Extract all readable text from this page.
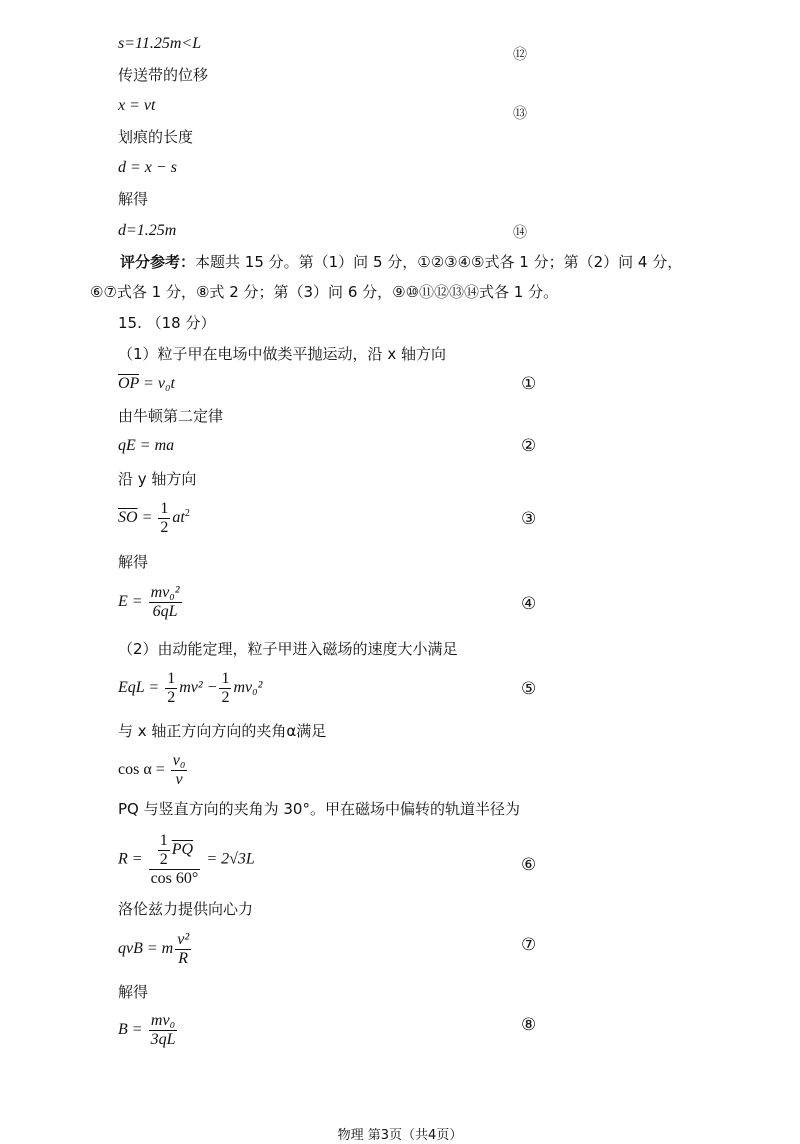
s=11.25m<L
⑫
传送带的位移
x = vt	⑬
划痕的长度
d = x − s
解得
d=1.25m	⑭
评分参考：本题共 15 分。第（1）问 5 分，①②③④⑤式各 1 分；第（2）问 4 分，
⑥⑦式各 1 分，⑧式 2 分；第（3）问 6 分，⑨⑩⑪⑫⑬⑭式各 1 分。
15. （18 分）
（1）粒子甲在电场中做类平抛运动，沿 x 轴方向
$\overline{OP} = v_0t$	①
由牛顿第二定律
qE = ma	②
沿 y 轴方向
$\overline{SO} = \frac{1}{2} at^2$	③
解得
$E = \frac{\text{mv₀²}}{6qL}$	④
（2）由动能定理，粒子甲进入磁场的速度大小满足
EqL = $\frac{1}{2} mv^2 - \frac{1}{2} mv_0^2$	⑤
与 x 轴正方向方向的夹角α满足
$\cos \alpha = \frac{\text{v₀}}{v}$
PQ 与竖直方向的夹角为 30°。甲在磁场中偏转的轨道半径为
$R = \frac{\frac{1}{2} \overline{PQ}}{\cos 60^\circ} = 2√3L$	⑥
洛伦兹力提供向心力
qvB = m $\frac{\text{v²}}{R}$	⑦
解得
$B = \frac{\text{mv₀}}{3qL}$	⑧
物理 第3页（共4页）
